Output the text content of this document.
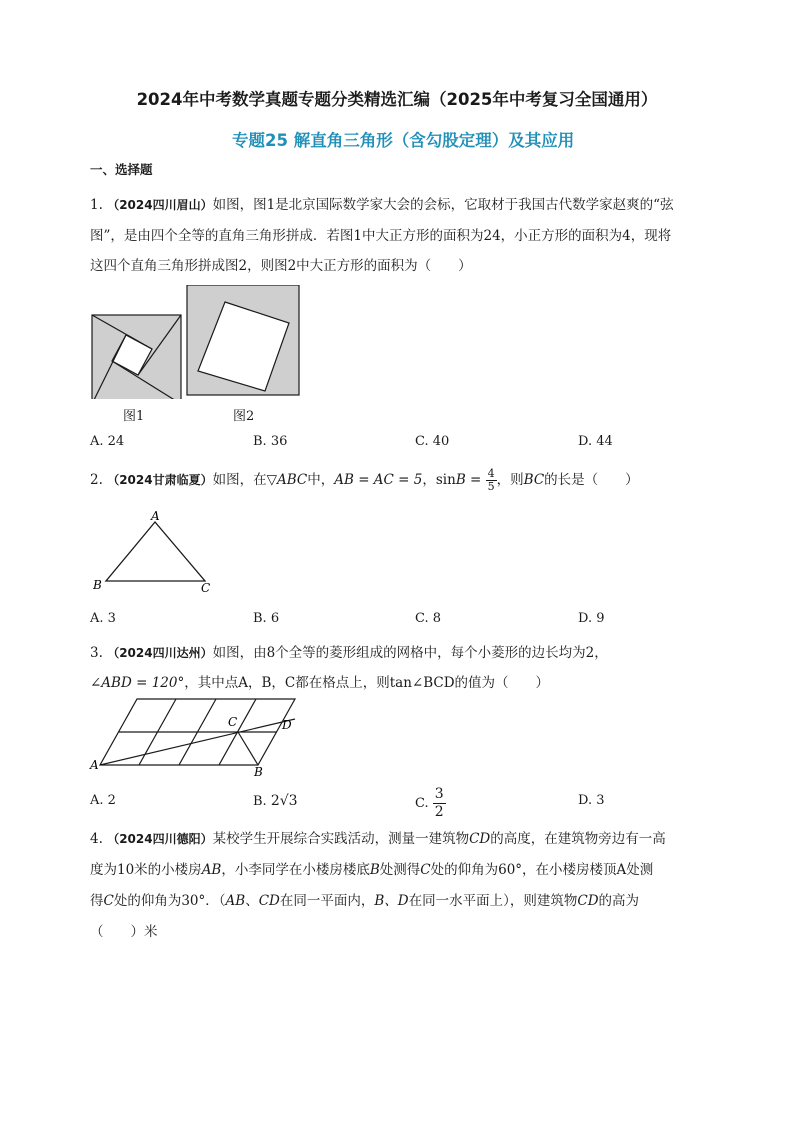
2024年中考数学真题专题分类精选汇编（2025年中考复习全国通用）
专题25 解直角三角形（含勾股定理）及其应用
一、选择题
1. （2024四川眉山）如图，图1是北京国际数学家大会的会标，它取材于我国古代数学家赵爽的“弦
图”，是由四个全等的直角三角形拼成．若图1中大正方形的面积为24，小正方形的面积为4，现将
这四个直角三角形拼成图2，则图2中大正方形的面积为（　　）
图1	图2
A. 24	B. 36	C. 40	D. 44
2. （2024甘肃临夏）如图，在▽ABC中，AB = AC = 5，$\sin B = \frac{4}{5}$ ，则BC的长是（　　）
A
B	C
A. 3	B. 6	C. 8	D. 9
3. （2024四川达州）如图，由8个全等的菱形组成的网格中，每个小菱形的边长均为2，
∠ABD = 120°，其中点A，B，C都在格点上，则tan∠BCD的值为（　　）
A	B
C	D
A. 2	B. 2√3	C. $\frac{3}{2}$	D. 3
4. （2024四川德阳）某校学生开展综合实践活动，测量一建筑物CD的高度，在建筑物旁边有一高
度为10米的小楼房AB，小李同学在小楼房楼底B处测得C处的仰角为60°，在小楼房楼顶A处测
得C处的仰角为30°．（AB、CD在同一平面内，B、D在同一水平面上），则建筑物CD的高为
（　　）米
